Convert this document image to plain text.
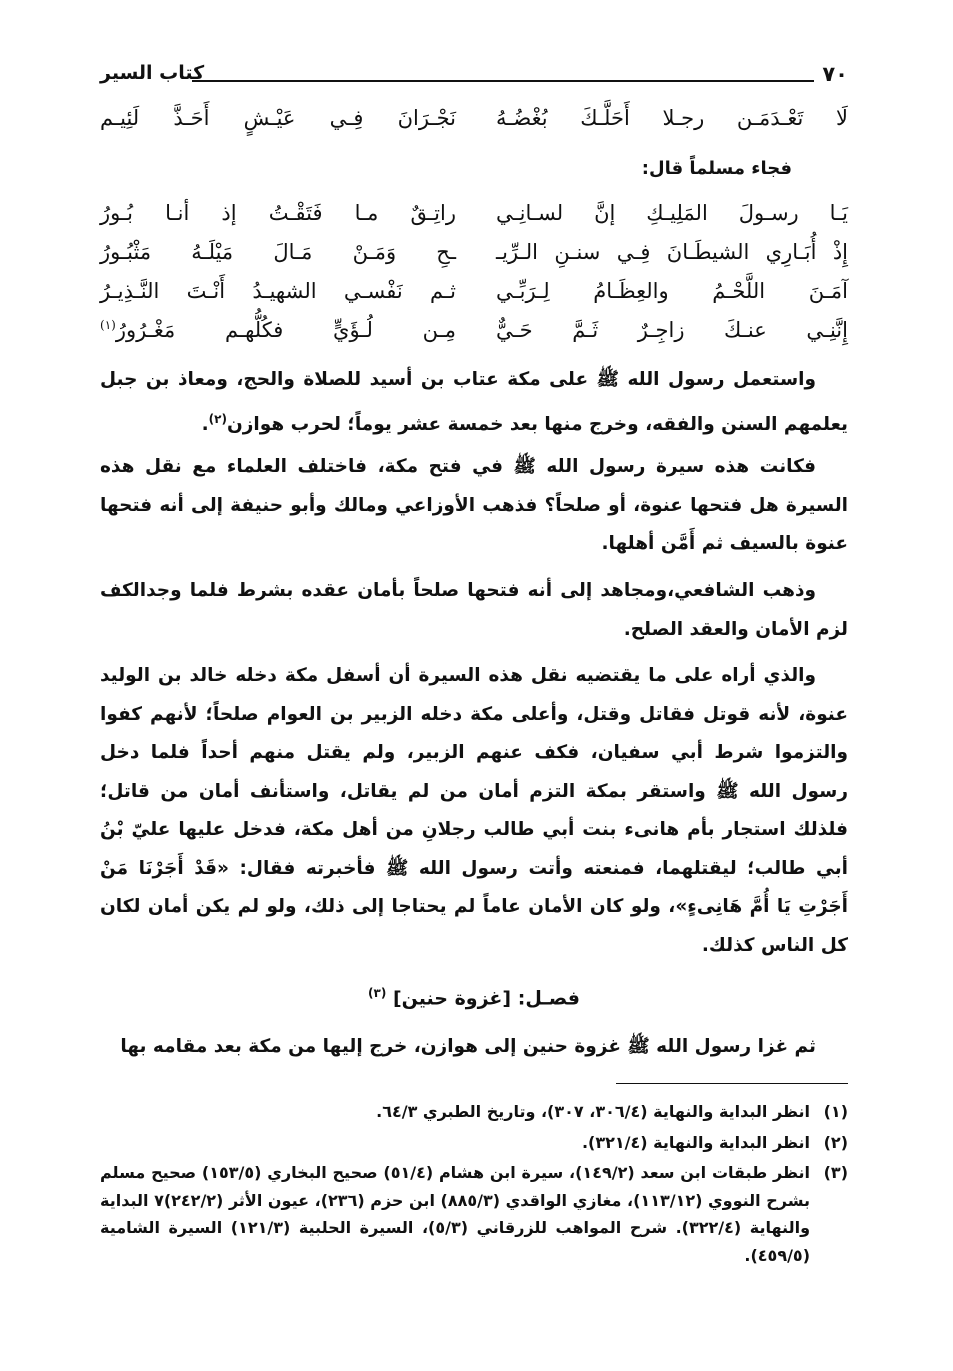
٧٠
كتاب السير
لَا تَعْـدَمَـن رجـلا أَحَلَّـكَ بُغْضُـهُ
نَجْـرَانَ فِـي عَيْـشٍ أَحَـذَّ لَئِيـم
فجاء مسلماً قال:
يَـا رسـولَ المَلِيـكِ إنَّ لسـانِـي
راتِـقٌ مـا فَتَقْـتُ إذ أنـا بُـورُ
إِذْ أُبَـارِي الشيطَـانَ فِـي سنـنِ الـرِّيـ
ـحِ وَمَـنْ مَـالَ مَيْلَـهُ مَثْبُـورُ
آمَـنَ اللَّحْـمُ والعِظَـامُ لِـرَبِّـي
ثـم نَفْسـي الشهيـدُ أَنْـتَ النَّـذِيـرُ
إِنَّنِـي عنـكَ زاجِـرٌ ثَـمَّ حَـيٌّ
مِـن لُـؤَيٍّ فكُلُّهـم مَغْـرُورُ$^{(١)}$
واستعمل رسول الله ﷺ على مكة عتاب بن أسيد للصلاة والحج، ومعاذ بن جبل يعلمهم السنن والفقه، وخرج منها بعد خمسة عشر يوماً؛ لحرب هوازن$^{(٢)}$.
فكانت هذه سيرة رسول الله ﷺ في فتح مكة، فاختلف العلماء مع نقل هذه السيرة هل فتحها عنوة، أو صلحاً؟ فذهب الأوزاعي ومالك وأبو حنيفة إلى أنه فتحها عنوة بالسيف ثم أَمَّن أهلها.
وذهب الشافعي،ومجاهد إلى أنه فتحها صلحاً بأمان عقده بشرط فلما وجدالكف لزم الأمان والعقد الصلح.
والذي أراه على ما يقتضيه نقل هذه السيرة أن أسفل مكة دخله خالد بن الوليد عنوة، لأنه قوتل فقاتل وقتل، وأعلى مكة دخله الزبير بن العوام صلحاً؛ لأنهم كفوا والتزموا شرط أبي سفيان، فكف عنهم الزبير، ولم يقتل منهم أحداً فلما دخل رسول الله ﷺ واستقر بمكة التزم أمان من لم يقاتل، واستأنف أمان من قاتل؛ فلذلك استجار بأم هانىء بنت أبي طالب رجلانِ من أهل مكة، فدخل عليها عليّ بْنُ أبي طالب؛ ليقتلهما، فمنعته وأتت رسول الله ﷺ فأخبرته فقال: «قَدْ أَجَرْنَا مَنْ أَجَرْتِ يَا أُمَّ هَانِىءٍ»، ولو كان الأمان عاماً لم يحتاجا إلى ذلك، ولو لم يكن أمان لكان كل الناس كذلك.
فصـل: [غزوة حنين] $^{(٣)}$
ثم غزا رسول الله ﷺ غزوة حنين إلى هوازن، خرج إليها من مكة بعد مقامه بها
(١)
انظر البداية والنهاية (٣٠٦/٤، ٣٠٧)، وتاريخ الطبري ٦٤/٣.
(٢)
انظر البداية والنهاية (٣٢١/٤).
(٣)
انظر طبقات ابن سعد (١٤٩/٢)، سيرة ابن هشام (٥١/٤) صحيح البخاري (١٥٣/٥) صحيح مسلم بشرح النووي (١١٣/١٢)، مغازي الواقدي (٨٨٥/٣) ابن حزم (٢٣٦)، عيون الأثر (٢٤٢/٢)٧ البداية والنهاية (٣٢٢/٤). شرح المواهب للزرقاني (٥/٣)، السيرة الحلبية (١٢١/٣) السيرة الشامية (٤٥٩/٥).
